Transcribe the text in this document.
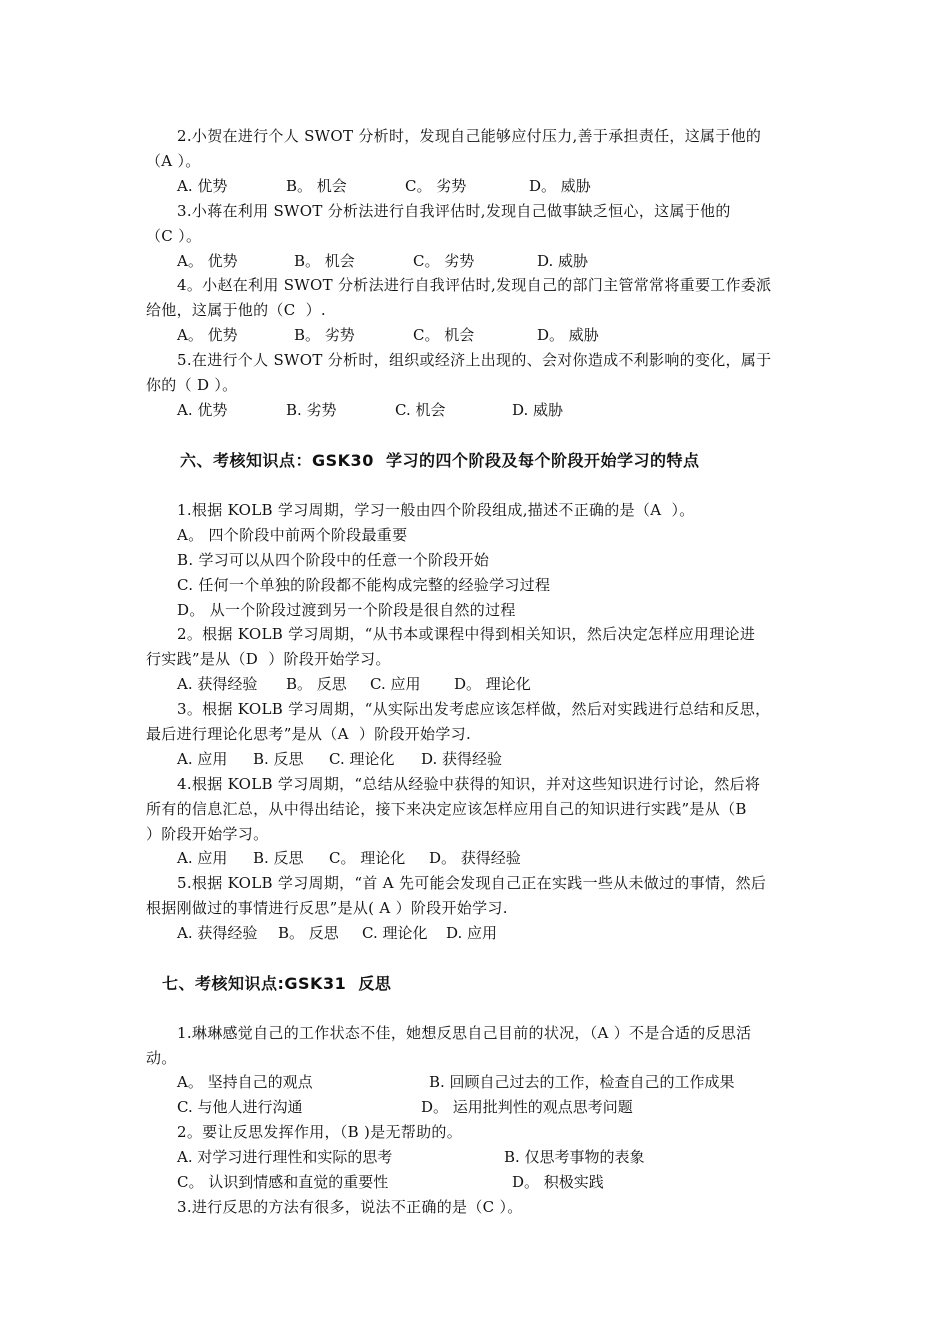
2.小贺在进行个人 SWOT 分析时，发现自己能够应付压力,善于承担责任，这属于他的
（A ）。
A. 优势	B。 机会	C。 劣势	D。 威胁
3.小蒋在利用 SWOT 分析法进行自我评估时,发现自己做事缺乏恒心，这属于他的
（C ）。
A。 优势	B。 机会	C。 劣势	D. 威胁
4。小赵在利用 SWOT 分析法进行自我评估时,发现自己的部门主管常常将重要工作委派
给他，这属于他的（C  ）.
A。 优势	B。 劣势	C。 机会	D。 威胁
5.在进行个人 SWOT 分析时，组织或经济上出现的、会对你造成不利影响的变化，属于
你的（ D ）。
A. 优势	B. 劣势	C. 机会	D. 威胁
六、考核知识点：GSK30  学习的四个阶段及每个阶段开始学习的特点
1.根据 KOLB 学习周期，学习一般由四个阶段组成,描述不正确的是（A  ）。
A。 四个阶段中前两个阶段最重要
B. 学习可以从四个阶段中的任意一个阶段开始
C. 任何一个单独的阶段都不能构成完整的经验学习过程
D。 从一个阶段过渡到另一个阶段是很自然的过程
2。根据 KOLB 学习周期，“从书本或课程中得到相关知识，然后决定怎样应用理论进
行实践”是从（D  ）阶段开始学习。
A. 获得经验 B。 反思 C. 应用 D。 理论化
3。根据 KOLB 学习周期，“从实际出发考虑应该怎样做，然后对实践进行总结和反思，
最后进行理论化思考”是从（A  ）阶段开始学习.
A. 应用 B. 反思 C. 理论化 D. 获得经验
4.根据 KOLB 学习周期，“总结从经验中获得的知识，并对这些知识进行讨论，然后将
所有的信息汇总，从中得出结论，接下来决定应该怎样应用自己的知识进行实践”是从（B
）阶段开始学习。
A. 应用 B. 反思 C。 理论化 D。 获得经验
5.根据 KOLB 学习周期，“首 A 先可能会发现自己正在实践一些从未做过的事情，然后
根据刚做过的事情进行反思”是从( A ）阶段开始学习.
A. 获得经验 B。 反思 C. 理论化 D. 应用
七、考核知识点:GSK31  反思
1.琳琳感觉自己的工作状态不佳，她想反思自己目前的状况，（A ）不是合适的反思活
动。
A。 坚持自己的观点	B. 回顾自己过去的工作，检查自己的工作成果
C. 与他人进行沟通	D。 运用批判性的观点思考问题
2。要让反思发挥作用，（B )是无帮助的。
A. 对学习进行理性和实际的思考	B. 仅思考事物的表象
C。 认识到情感和直觉的重要性	D。 积极实践
3.进行反思的方法有很多，说法不正确的是（C ）。
